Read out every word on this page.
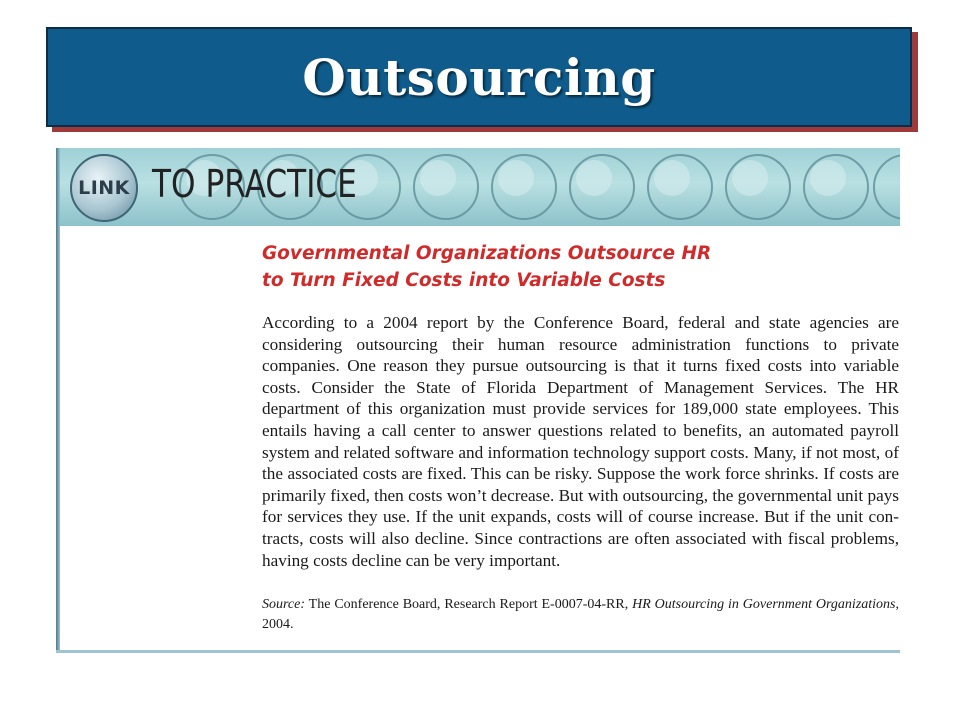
Outsourcing
LINK TO PRACTICE
Governmental Organizations Outsource HR
to Turn Fixed Costs into Variable Costs
According to a 2004 report by the Conference Board, federal and state agencies are considering outsourcing their human resource administration functions to private companies. One reason they pursue outsourcing is that it turns fixed costs into variable costs. Consider the State of Florida Department of Management Services. The HR department of this organization must provide services for 189,000 state employees. This entails having a call center to answer questions related to benefits, an automated payroll system and related software and information technology support costs. Many, if not most, of the associated costs are fixed. This can be risky. Suppose the work force shrinks. If costs are primarily fixed, then costs won’t decrease. But with outsourcing, the governmental unit pays for services they use. If the unit expands, costs will of course increase. But if the unit contracts, costs will also decline. Since contractions are often associated with fiscal problems, having costs decline can be very important.
Source: The Conference Board, Research Report E-0007-04-RR, HR Outsourcing in Government Organizations, 2004.
